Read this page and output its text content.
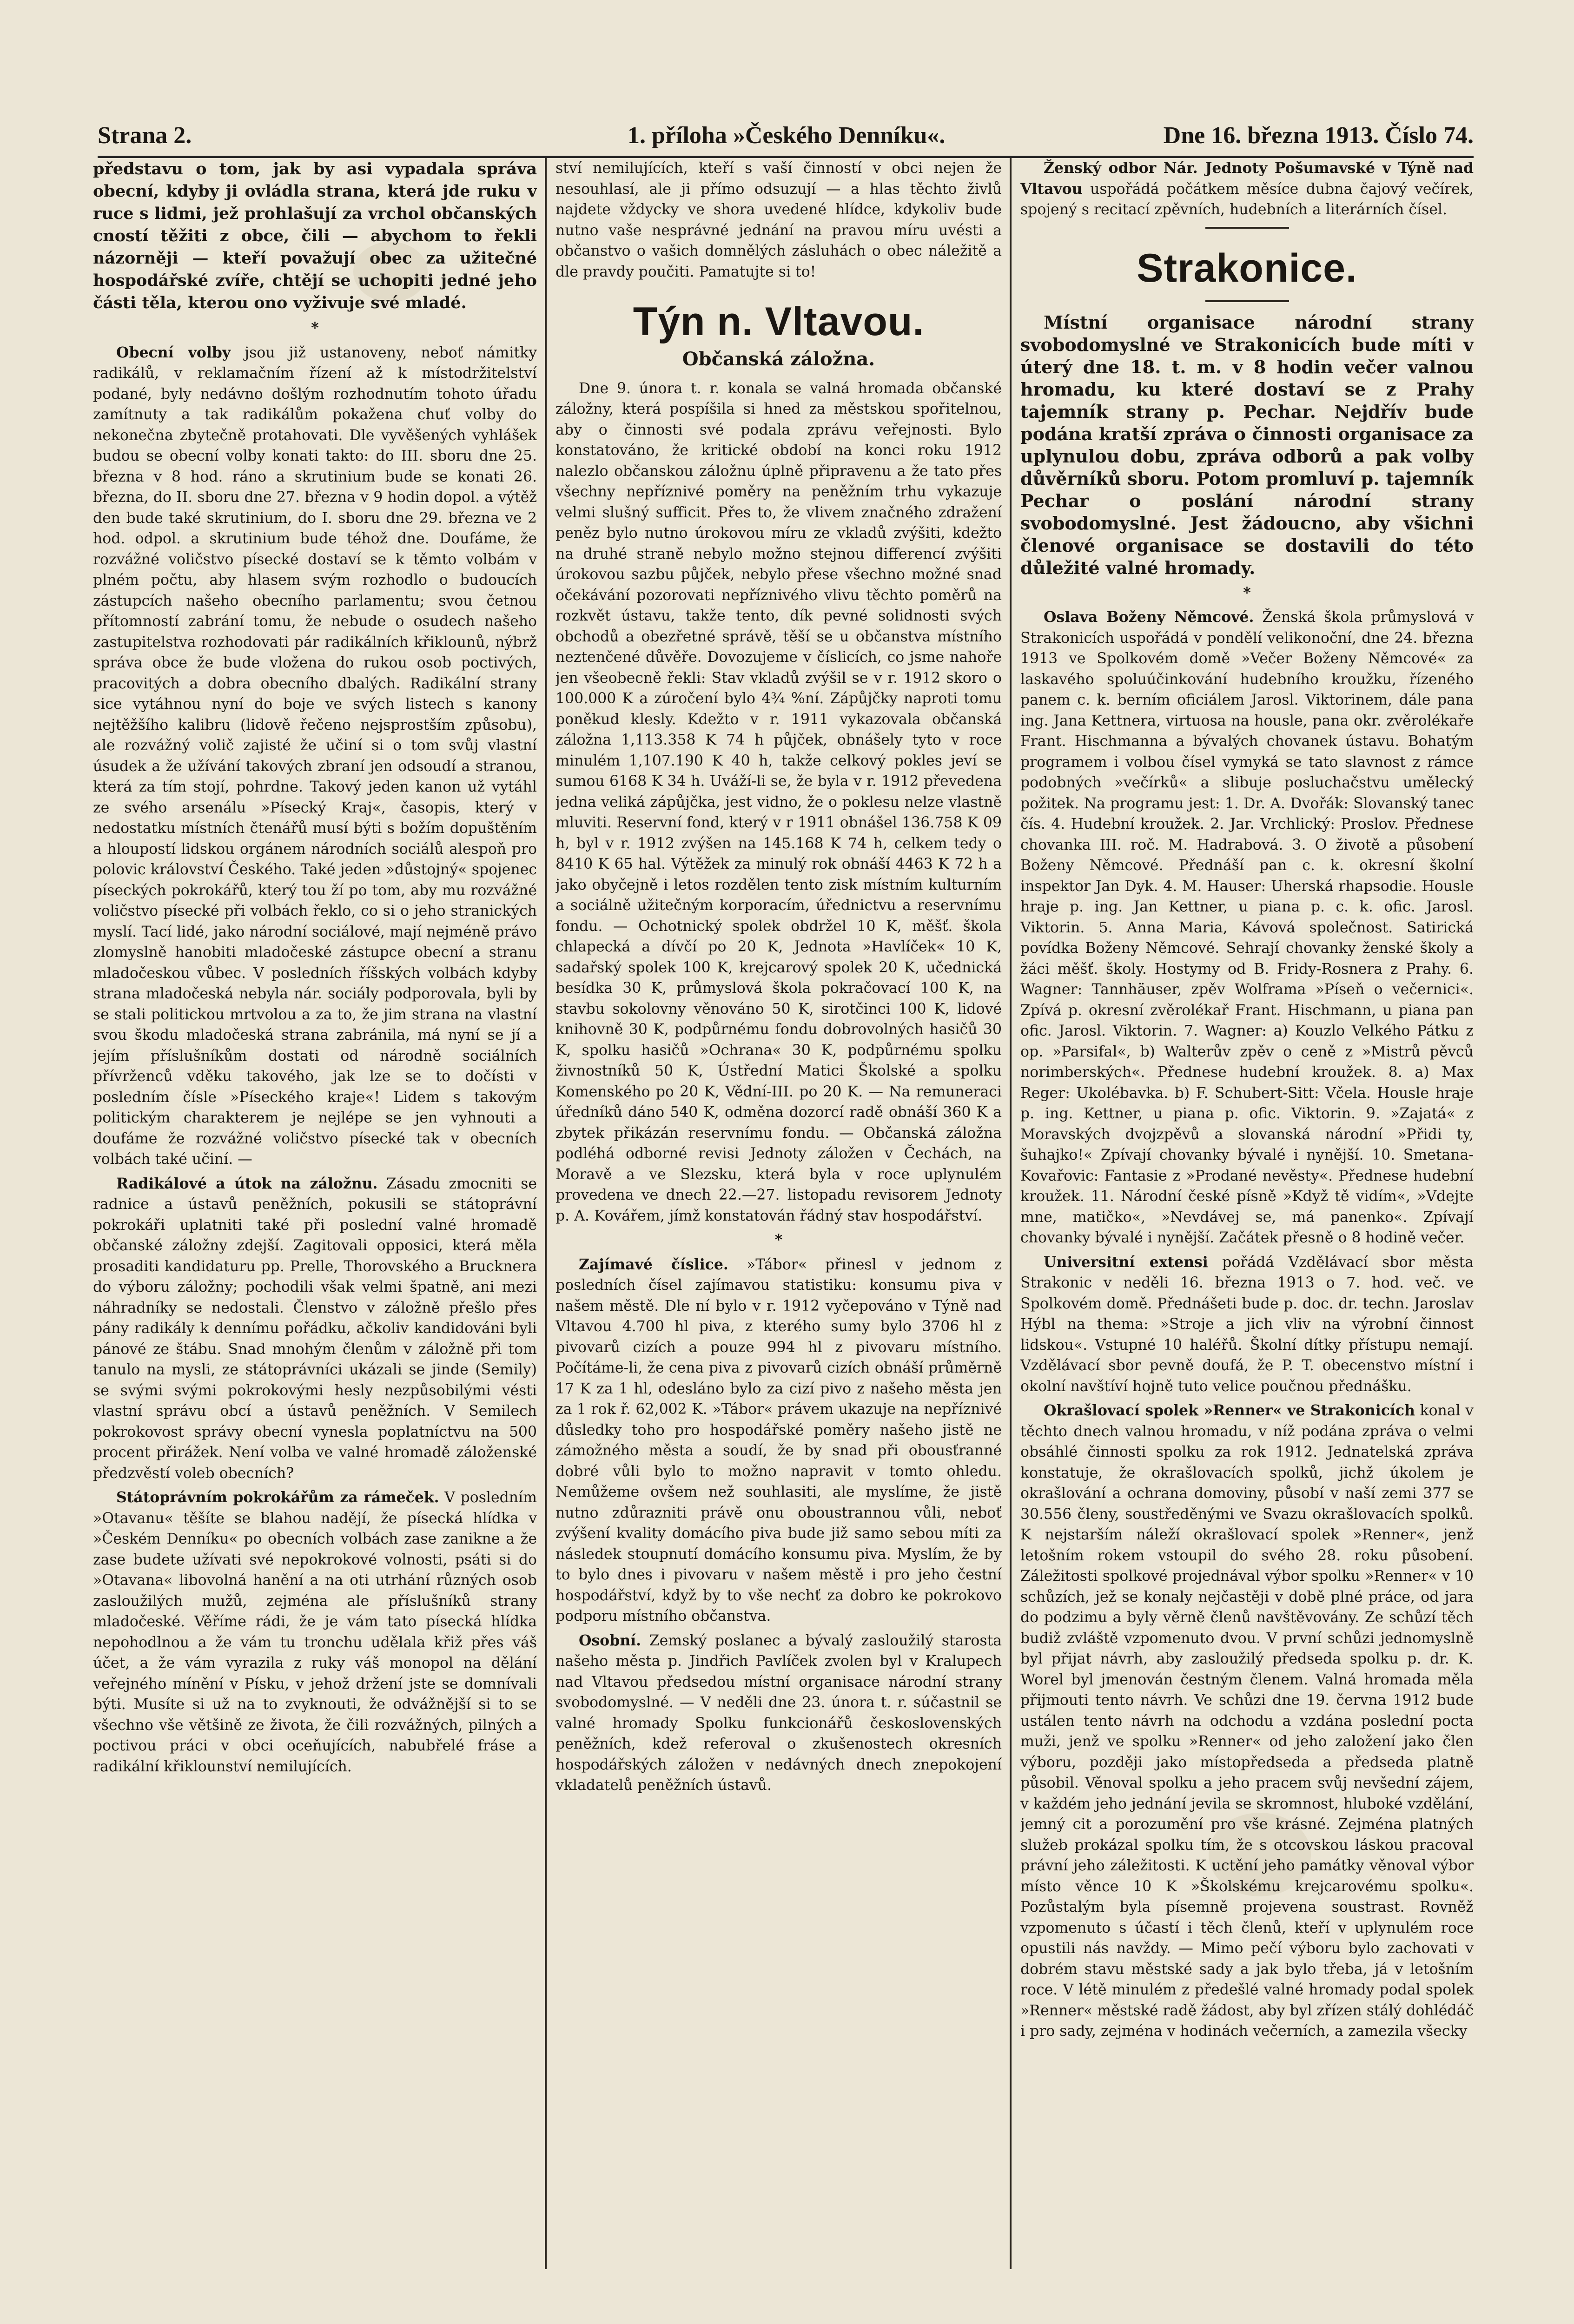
Strana 2.	1. příloha »Českého Denníku«.	Dne 16. března 1913. Číslo 74.

představu o tom, jak by asi vypadala správa obecní, kdyby ji ovládla strana, která jde ruku v ruce s lidmi, jež prohlašují za vrchol občanských cností těžiti z obce, čili — abychom to řekli názorněji — kteří považují obec za užitečné hospodářské zvíře, chtějí se uchopiti jedné jeho části těla, kterou ono vyživuje své mladé.

*

Obecní volby jsou již ustanoveny, neboť námitky radikálů, v reklamačním řízení až k místodržitelství podané, byly nedávno došlým rozhodnutím tohoto úřadu zamítnuty a tak radikálům pokažena chuť volby do nekonečna zbytečně protahovati. Dle vyvěšených vyhlášek budou se obecní volby konati takto: do III. sboru dne 25. března v 8 hod. ráno a skrutinium bude se konati 26. března, do II. sboru dne 27. března v 9 hodin dopol. a výtěž den bude také skrutinium, do I. sboru dne 29. března ve 2 hod. odpol. a skrutinium bude téhož dne. Doufáme, že rozvážné voličstvo písecké dostaví se k těmto volbám v plném počtu, aby hlasem svým rozhodlo o budoucích zástupcích našeho obecního parlamentu; svou četnou přítomností zabrání tomu, že nebude o osudech našeho zastupitelstva rozhodovati pár radikálních křiklounů, nýbrž správa obce že bude vložena do rukou osob poctivých, pracovitých a dobra obecního dbalých. Radikální strany sice vytáhnou nyní do boje ve svých listech s kanony nejtěžšího kalibru (lidově řečeno nejsprostším způsobu), ale rozvážný volič zajisté že učiní si o tom svůj vlastní úsudek a že užívání takových zbraní jen odsoudí a stranou, která za tím stojí, pohrdne. Takový jeden kanon už vytáhl ze svého arsenálu »Písecký Kraj«, časopis, který v nedostatku místních čtenářů musí býti s božím dopuštěním a hloupostí lidskou orgánem národních sociálů alespoň pro polovic království Českého. Také jeden »důstojný« spojenec píseckých pokrokářů, který tou ží po tom, aby mu rozvážné voličstvo písecké při volbách řeklo, co si o jeho stranických myslí. Tací lidé, jako národní sociálové, mají nejméně právo zlomyslně hanobiti mladočeské zástupce obecní a stranu mladočeskou vůbec. V posledních říšských volbách kdyby strana mladočeská nebyla nár. sociály podporovala, byli by se stali politickou mrtvolou a za to, že jim strana na vlastní svou škodu mladočeská strana zabránila, má nyní se jí a jejím příslušníkům dostati od národně sociálních přívrženců vděku takového, jak lze se to dočísti v posledním čísle »Píseckého kraje«! Lidem s takovým politickým charakterem je nejlépe se jen vyhnouti a doufáme že rozvážné voličstvo písecké tak v obecních volbách také učiní. —

Radikálové a útok na záložnu. Zásadu zmocniti se radnice a ústavů peněžních, pokusili se státoprávní pokrokáři uplatniti také při poslední valné hromadě občanské záložny zdejší. Zagitovali opposici, která měla prosaditi kandidaturu pp. Prelle, Thorovského a Brucknera do výboru záložny; pochodili však velmi špatně, ani mezi náhradníky se nedostali. Členstvo v záložně přešlo přes pány radikály k dennímu pořádku, ačkoliv kandidováni byli pánové ze štábu. Snad mnohým členům v záložně při tom tanulo na mysli, ze státoprávníci ukázali se jinde (Semily) se svými svými pokrokovými hesly nezpůsobilými vésti vlastní správu obcí a ústavů peněžních. V Semilech pokrokovost správy obecní vynesla poplatníctvu na 500 procent přirážek. Není volba ve valné hromadě záloženské předzvěstí voleb obecních?

Státoprávním pokrokářům za rámeček. V posledním »Otavanu« těšíte se blahou nadějí, že písecká hlídka v »Českém Denníku« po obecních volbách zase zanikne a že zase budete užívati své nepokrokové volnosti, psáti si do »Otavana« libovolná hanění a na oti utrhání různých osob zasloužilých mužů, zejména ale příslušníků strany mladočeské. Věříme rádi, že je vám tato písecká hlídka nepohodlnou a že vám tu tronchu udělala křiž přes váš účet, a že vám vyrazila z ruky váš monopol na dělání veřejného mínění v Písku, v jehož držení jste se domnívali býti. Musíte si už na to zvyknouti, že odvážnější si to se všechno vše většině ze života, že čili rozvážných, pilných a poctivou práci v obci oceňujících, nabubřelé fráse a radikální křiklounství nemilujících.

ství nemilujících, kteří s vaší činností v obci nejen že nesouhlasí, ale ji přímo odsuzují — a hlas těchto živlů najdete vždycky ve shora uvedené hlídce, kdykoliv bude nutno vaše nesprávné jednání na pravou míru uvésti a občanstvo o vašich domnělých zásluhách o obec náležitě a dle pravdy poučiti. Pamatujte si to!

Týn n. Vltavou.
Občanská záložna.

Dne 9. února t. r. konala se valná hromada občanské záložny, která pospíšila si hned za městskou spořitelnou, aby o činnosti své podala zprávu veřejnosti. Bylo konstatováno, že kritické období na konci roku 1912 nalezlo občanskou záložnu úplně připravenu a že tato přes všechny nepříznivé poměry na peněžním trhu vykazuje velmi slušný sufficit. Přes to, že vlivem značného zdražení peněz bylo nutno úrokovou míru ze vkladů zvýšiti, kdežto na druhé straně nebylo možno stejnou differencí zvýšiti úrokovou sazbu půjček, nebylo přese všechno možné snad očekávání pozorovati nepříznivého vlivu těchto poměrů na rozkvět ústavu, takže tento, dík pevné solidnosti svých obchodů a obezřetné správě, těší se u občanstva místního neztenčené důvěře. Dovozujeme v číslicích, co jsme nahoře jen všeobecně řekli: Stav vkladů zvýšil se v r. 1912 skoro o 100.000 K a zúročení bylo 4¾ %ní. Zápůjčky naproti tomu poněkud klesly. Kdežto v r. 1911 vykazovala občanská záložna 1,113.358 K 74 h půjček, obnášely tyto v roce minulém 1,107.190 K 40 h, takže celkový pokles jeví se sumou 6168 K 34 h. Uváží-li se, že byla v r. 1912 převedena jedna veliká zápůjčka, jest vidno, že o poklesu nelze vlastně mluviti. Reservní fond, který v r 1911 obnášel 136.758 K 09 h, byl v r. 1912 zvýšen na 145.168 K 74 h, celkem tedy o 8410 K 65 hal. Výtěžek za minulý rok obnáší 4463 K 72 h a jako obyčejně i letos rozdělen tento zisk místním kulturním a sociálně užitečným korporacím, úřednictvu a reservnímu fondu. — Ochotnický spolek obdržel 10 K, měšť. škola chlapecká a dívčí po 20 K, Jednota »Havlíček« 10 K, sadařský spolek 100 K, krejcarový spolek 20 K, učednická besídka 30 K, průmyslová škola pokračovací 100 K, na stavbu sokolovny věnováno 50 K, sirotčinci 100 K, lidové knihovně 30 K, podpůrnému fondu dobrovolných hasičů 30 K, spolku hasičů »Ochrana« 30 K, podpůrnému spolku živnostníků 50 K, Ústřední Matici Školské a spolku Komenského po 20 K, Vědní-III. po 20 K. — Na remuneraci úředníků dáno 540 K, odměna dozorcí radě obnáší 360 K a zbytek přikázán reservnímu fondu. — Občanská záložna podléhá odborné revisi Jednoty záložen v Čechách, na Moravě a ve Slezsku, která byla v roce uplynulém provedena ve dnech 22.—27. listopadu revisorem Jednoty p. A. Kovářem, jímž konstatován řádný stav hospodářství.

*

Zajímavé číslice. »Tábor« přinesl v jednom z posledních čísel zajímavou statistiku: konsumu piva v našem městě. Dle ní bylo v r. 1912 vyčepováno v Týně nad Vltavou 4.700 hl piva, z kterého sumy bylo 3706 hl z pivovarů cizích a pouze 994 hl z pivovaru místního. Počítáme-li, že cena piva z pivovarů cizích obnáší průměrně 17 K za 1 hl, odesláno bylo za cizí pivo z našeho města jen za 1 rok ř. 62,002 K. »Tábor« právem ukazuje na nepříznivé důsledky toho pro hospodářské poměry našeho jistě ne zámožného města a soudí, že by snad při obousťranné dobré vůli bylo to možno napravit v tomto ohledu. Nemůžeme ovšem než souhlasiti, ale myslíme, že jistě nutno zdůrazniti právě onu oboustrannou vůli, neboť zvýšení kvality domácího piva bude již samo sebou míti za následek stoupnutí domácího konsumu piva. Myslím, že by to bylo dnes i pivovaru v našem městě i pro jeho čestní hospodářství, když by to vše nechť za dobro ke pokrokovo podporu místního občanstva.

Osobní. Zemský poslanec a bývalý zasloužilý starosta našeho města p. Jindřich Pavlíček zvolen byl v Kralupech nad Vltavou předsedou místní organisace národní strany svobodomyslné. — V neděli dne 23. února t. r. súčastnil se valné hromady Spolku funkcionářů československých peněžních, kdež referoval o zkušenostech okresních hospodářských záložen v nedávných dnech znepokojení vkladatelů peněžních ústavů.

Ženský odbor Nár. Jednoty Pošumavské v Týně nad Vltavou uspořádá počátkem měsíce dubna čajový večírek, spojený s recitací zpěvních, hudebních a literárních čísel.

Strakonice.

Místní organisace národní strany svobodomyslné ve Strakonicích bude míti v úterý dne 18. t. m. v 8 hodin večer valnou hromadu, ku které dostaví se z Prahy tajemník strany p. Pechar. Nejdřív bude podána kratší zpráva o činnosti organisace za uplynulou dobu, zpráva odborů a pak volby důvěrníků sboru. Potom promluví p. tajemník Pechar o poslání národní strany svobodomyslné. Jest žádoucno, aby všichni členové organisace se dostavili do této důležité valné hromady.

*

Oslava Boženy Němcové. Ženská škola průmyslová v Strakonicích uspořádá v pondělí velikonoční, dne 24. března 1913 ve Spolkovém domě »Večer Boženy Němcové« za laskavého spoluúčinkování hudebního kroužku, řízeného panem c. k. berním oficiálem Jarosl. Viktorinem, dále pana ing. Jana Kettnera, virtuosa na housle, pana okr. zvěrolékaře Frant. Hischmanna a bývalých chovanek ústavu. Bohatým programem i volbou čísel vymyká se tato slavnost z rámce podobných »večírků« a slibuje posluchačstvu umělecký požitek. Na programu jest: 1. Dr. A. Dvořák: Slovanský tanec čís. 4. Hudební kroužek. 2. Jar. Vrchlický: Proslov. Přednese chovanka III. roč. M. Hadrabová. 3. O životě a působení Boženy Němcové. Přednáší pan c. k. okresní školní inspektor Jan Dyk. 4. M. Hauser: Uherská rhapsodie. Housle hraje p. ing. Jan Kettner, u piana p. c. k. ofic. Jarosl. Viktorin. 5. Anna Maria, Kávová společnost. Satirická povídka Boženy Němcové. Sehrají chovanky ženské školy a žáci měšť. školy. Hostymy od B. Fridy-Rosnera z Prahy. 6. Wagner: Tannhäuser, zpěv Wolframa »Píseň o večernici«. Zpívá p. okresní zvěrolékař Frant. Hischmann, u piana pan ofic. Jarosl. Viktorin. 7. Wagner: a) Kouzlo Velkého Pátku z op. »Parsifal«, b) Walterův zpěv o ceně z »Mistrů pěvců norimberských«. Přednese hudební kroužek. 8. a) Max Reger: Ukolébavka. b) F. Schubert-Sitt: Včela. Housle hraje p. ing. Kettner, u piana p. ofic. Viktorin. 9. »Zajatá« z Moravských dvojzpěvů a slovanská národní »Přidi ty, šuhajko!« Zpívají chovanky bývalé i nynější. 10. Smetana-Kovařovic: Fantasie z »Prodané nevěsty«. Přednese hudební kroužek. 11. Národní české písně »Když tě vidím«, »Vdejte mne, matičko«, »Nevdávej se, má panenko«. Zpívají chovanky bývalé i nynější. Začátek přesně o 8 hodině večer.

Universitní extensi pořádá Vzdělávací sbor města Strakonic v neděli 16. března 1913 o 7. hod. več. ve Spolkovém domě. Přednášeti bude p. doc. dr. techn. Jaroslav Hýbl na thema: »Stroje a jich vliv na výrobní činnost lidskou«. Vstupné 10 haléřů. Školní dítky přístupu nemají. Vzdělávací sbor pevně doufá, že P. T. obecenstvo místní i okolní navštíví hojně tuto velice poučnou přednášku.

Okrašlovací spolek »Renner« ve Strakonicích konal v těchto dnech valnou hromadu, v níž podána zpráva o velmi obsáhlé činnosti spolku za rok 1912. Jednatelská zpráva konstatuje, že okrašlovacích spolků, jichž úkolem je okrašlování a ochrana domoviny, působí v naší zemi 377 se 30.556 členy, soustředěnými ve Svazu okrašlovacích spolků. K nejstarším náleží okrašlovací spolek »Renner«, jenž letošním rokem vstoupil do svého 28. roku působení. Záležitosti spolkové projednával výbor spolku »Renner« v 10 schůzích, jež se konaly nejčastěji v době plné práce, od jara do podzimu a byly věrně členů navštěvovány. Ze schůzí těch budiž zvláště vzpomenuto dvou. V první schůzi jednomyslně byl přijat návrh, aby zasloužilý předseda spolku p. dr. K. Worel byl jmenován čestným členem. Valná hromada měla přijmouti tento návrh. Ve schůzi dne 19. června 1912 bude ustálen tento návrh na odchodu a vzdána poslední pocta muži, jenž ve spolku »Renner« od jeho založení jako člen výboru, později jako místopředseda a předseda platně působil. Věnoval spolku a jeho pracem svůj nevšední zájem, v každém jeho jednání jevila se skromnost, hluboké vzdělání, jemný cit a porozumění pro vše krásné. Zejména platných služeb prokázal spolku tím, že s otcovskou láskou pracoval právní jeho záležitosti. K uctění jeho památky věnoval výbor místo věnce 10 K »Školskému krejcarovému spolku«. Pozůstalým byla písemně projevena soustrast. Rovněž vzpomenuto s účastí i těch členů, kteří v uplynulém roce opustili nás navždy. — Mimo pečí výboru bylo zachovati v dobrém stavu městské sady a jak bylo třeba, já v letošním roce. V létě minulém z předešlé valné hromady podal spolek »Renner« městské radě žádost, aby byl zřízen stálý dohlédáč i pro sady, zejména v hodinách večerních, a zamezila všecky
